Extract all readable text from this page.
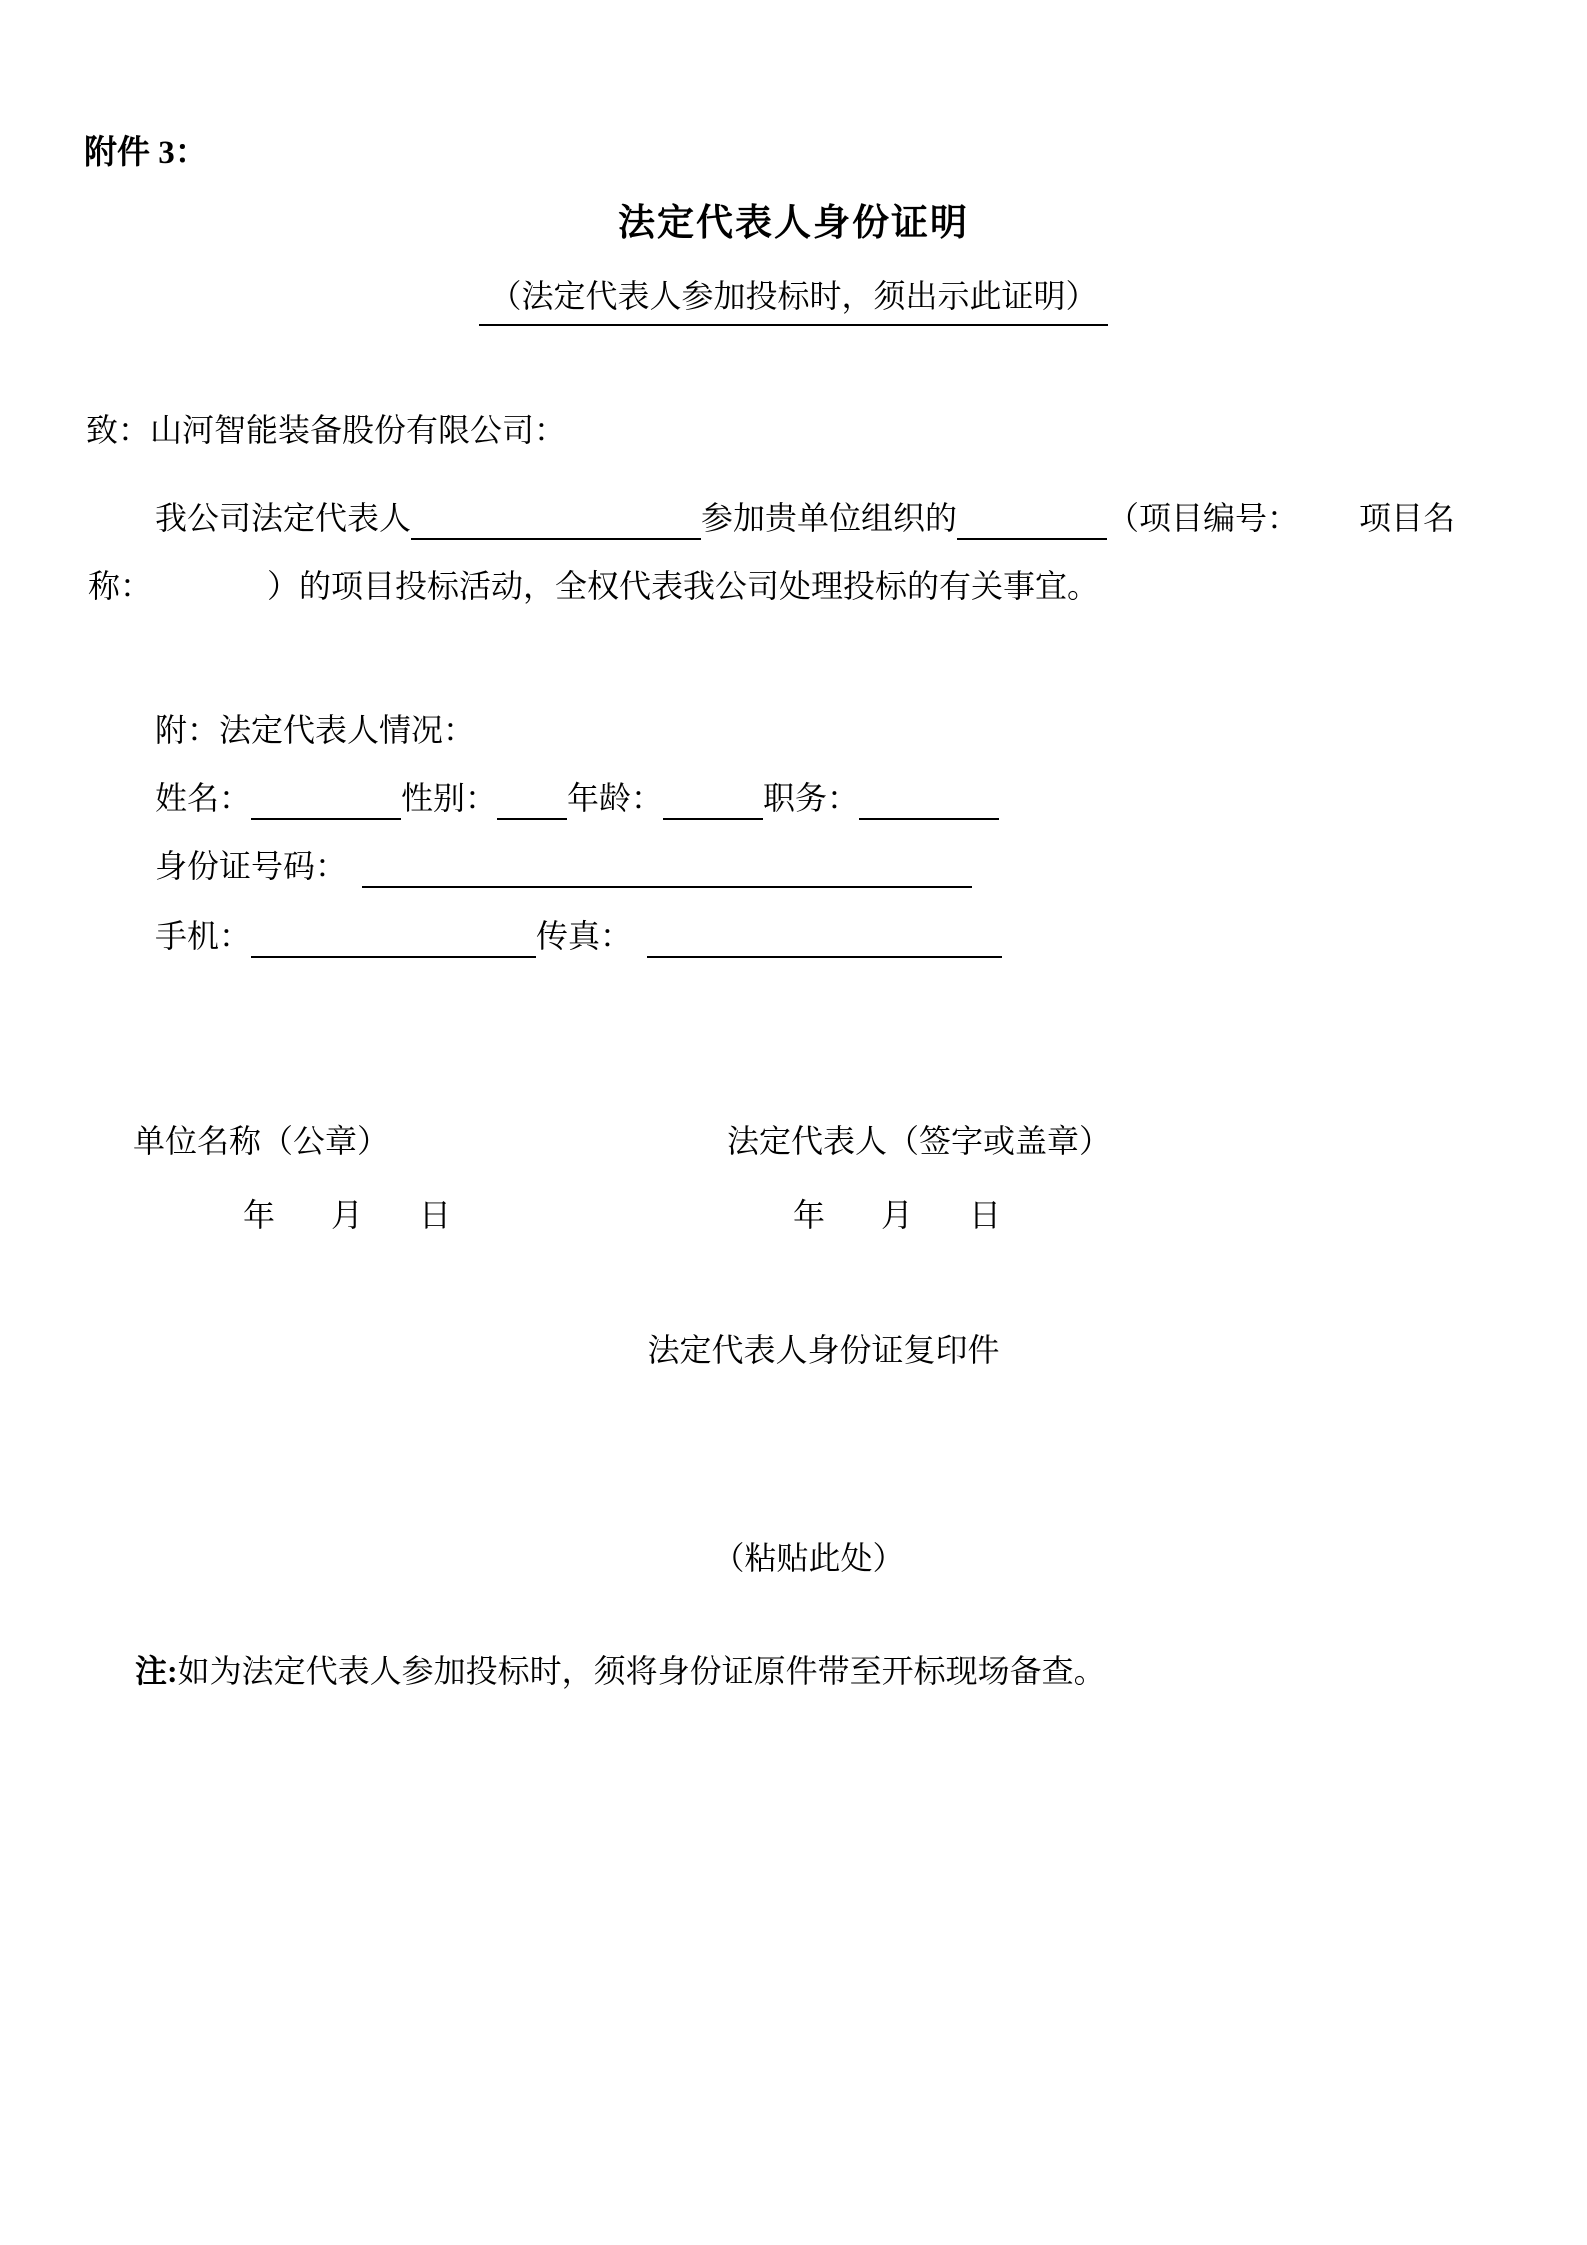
附件 3：
法定代表人身份证明
（法定代表人参加投标时，须出示此证明）
致：山河智能装备股份有限公司：
我公司法定代表人	参加贵单位组织的	（项目编号： 项目名
称：	）的项目投标活动，全权代表我公司处理投标的有关事宜。
附：法定代表人情况：
姓名：	性别： 年龄：	职务：
身份证号码：
手机：	传真：
单位名称（公章）	法定代表人（签字或盖章）
年 月 日	年 月 日
法定代表人身份证复印件
（粘贴此处）
注:如为法定代表人参加投标时，须将身份证原件带至开标现场备查。
